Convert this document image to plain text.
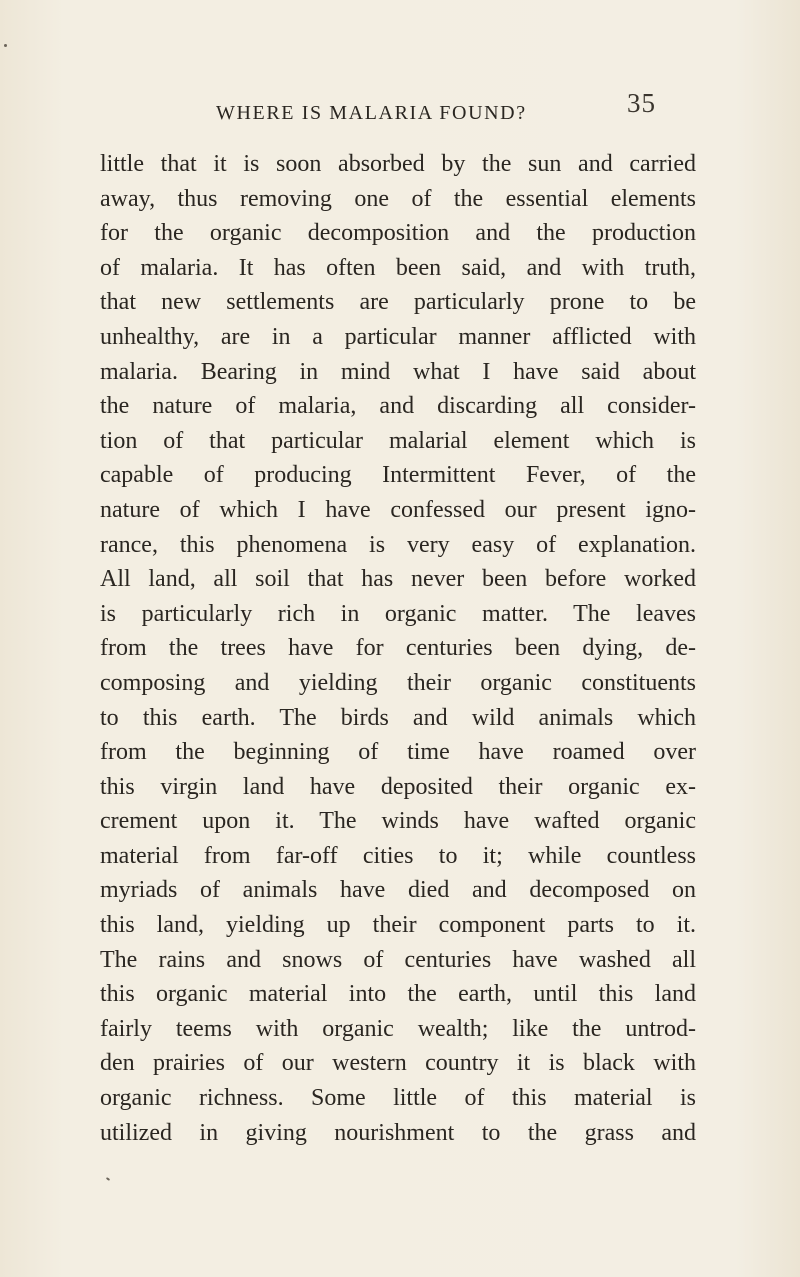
WHERE IS MALARIA FOUND?	35
little that it is soon absorbed by the sun and carried
away, thus removing one of the essential elements
for the organic decomposition and the production
of malaria. It has often been said, and with truth,
that new settlements are particularly prone to be
unhealthy, are in a particular manner afflicted with
malaria. Bearing in mind what I have said about
the nature of malaria, and discarding all consider-
tion of that particular malarial element which is
capable of producing Intermittent Fever, of the
nature of which I have confessed our present igno-
rance, this phenomena is very easy of explanation.
All land, all soil that has never been before worked
is particularly rich in organic matter. The leaves
from the trees have for centuries been dying, de-
composing and yielding their organic constituents
to this earth. The birds and wild animals which
from the beginning of time have roamed over
this virgin land have deposited their organic ex-
crement upon it. The winds have wafted organic
material from far-off cities to it; while countless
myriads of animals have died and decomposed on
this land, yielding up their component parts to it.
The rains and snows of centuries have washed all
this organic material into the earth, until this land
fairly teems with organic wealth; like the untrod-
den prairies of our western country it is black with
organic richness. Some little of this material is
utilized in giving nourishment to the grass and
